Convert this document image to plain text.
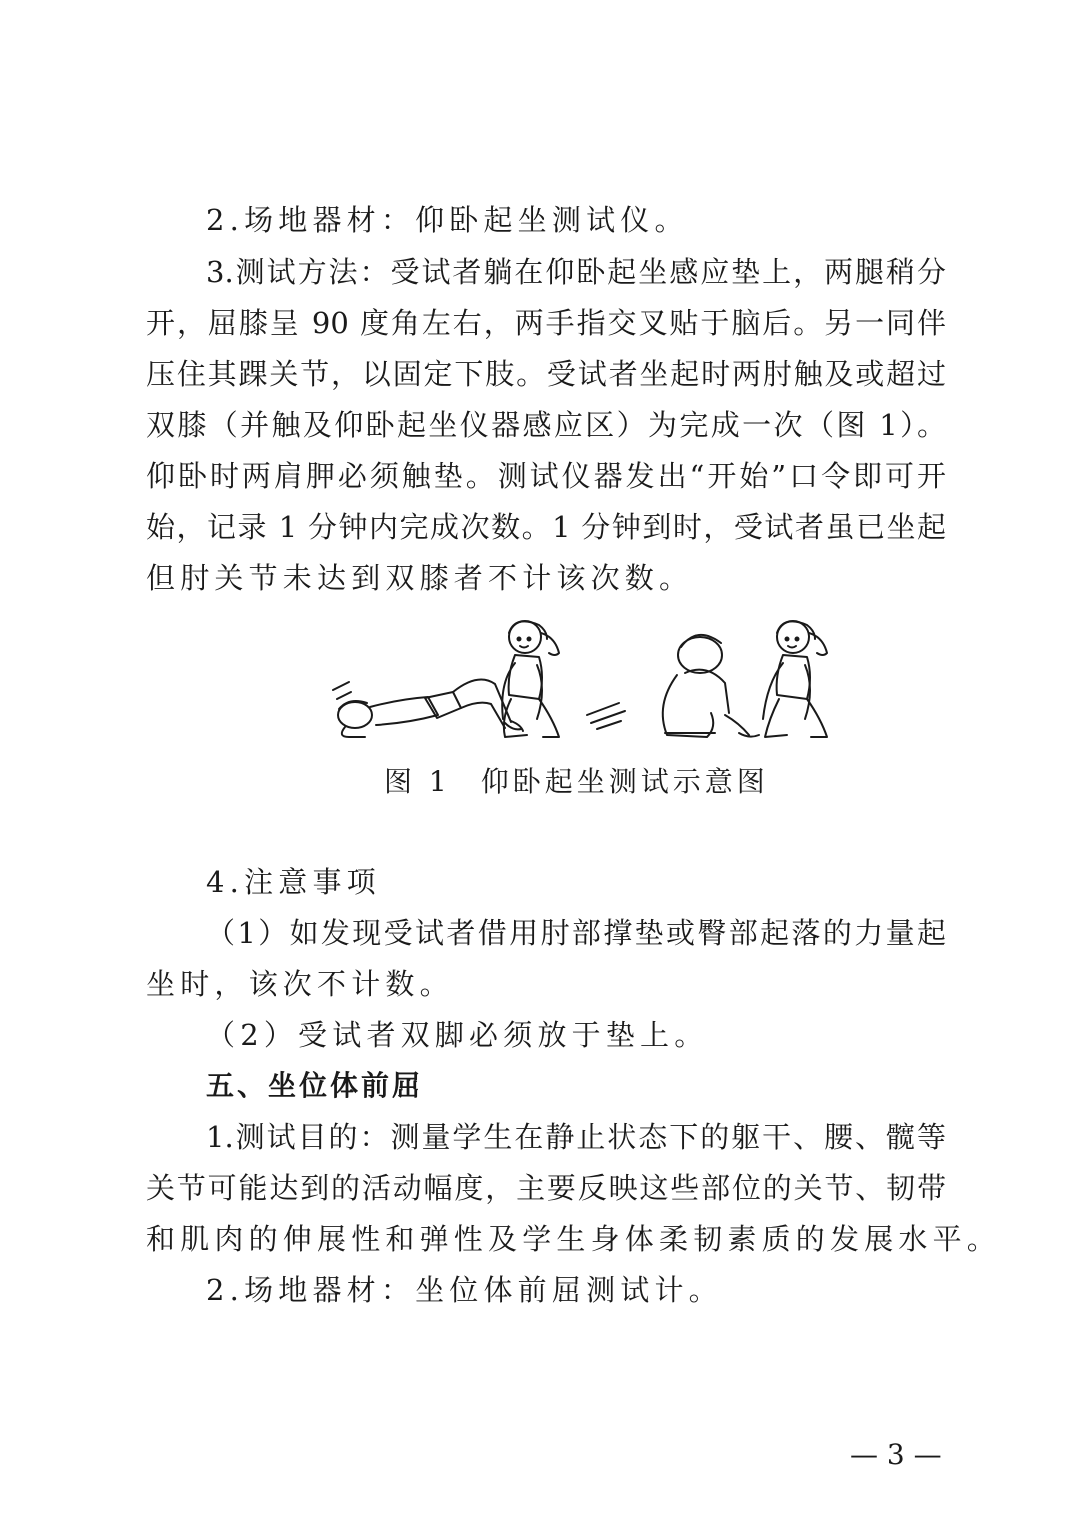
2.场地器材：仰卧起坐测试仪。
3.测试方法：受试者躺在仰卧起坐感应垫上，两腿稍分
开，屈膝呈 90 度角左右，两手指交叉贴于脑后。另一同伴
压住其踝关节，以固定下肢。受试者坐起时两肘触及或超过
双膝（并触及仰卧起坐仪器感应区）为完成一次（图 1）。
仰卧时两肩胛必须触垫。测试仪器发出“开始”口令即可开
始，记录 1 分钟内完成次数。1 分钟到时，受试者虽已坐起
但肘关节未达到双膝者不计该次数。
图 1 仰卧起坐测试示意图
4.注意事项
（1）如发现受试者借用肘部撑垫或臀部起落的力量起
坐时，该次不计数。
（2）受试者双脚必须放于垫上。
五、坐位体前屈
1.测试目的：测量学生在静止状态下的躯干、腰、髋等
关节可能达到的活动幅度，主要反映这些部位的关节、韧带
和肌肉的伸展性和弹性及学生身体柔韧素质的发展水平。
2.场地器材：坐位体前屈测试计。
— 3 —
